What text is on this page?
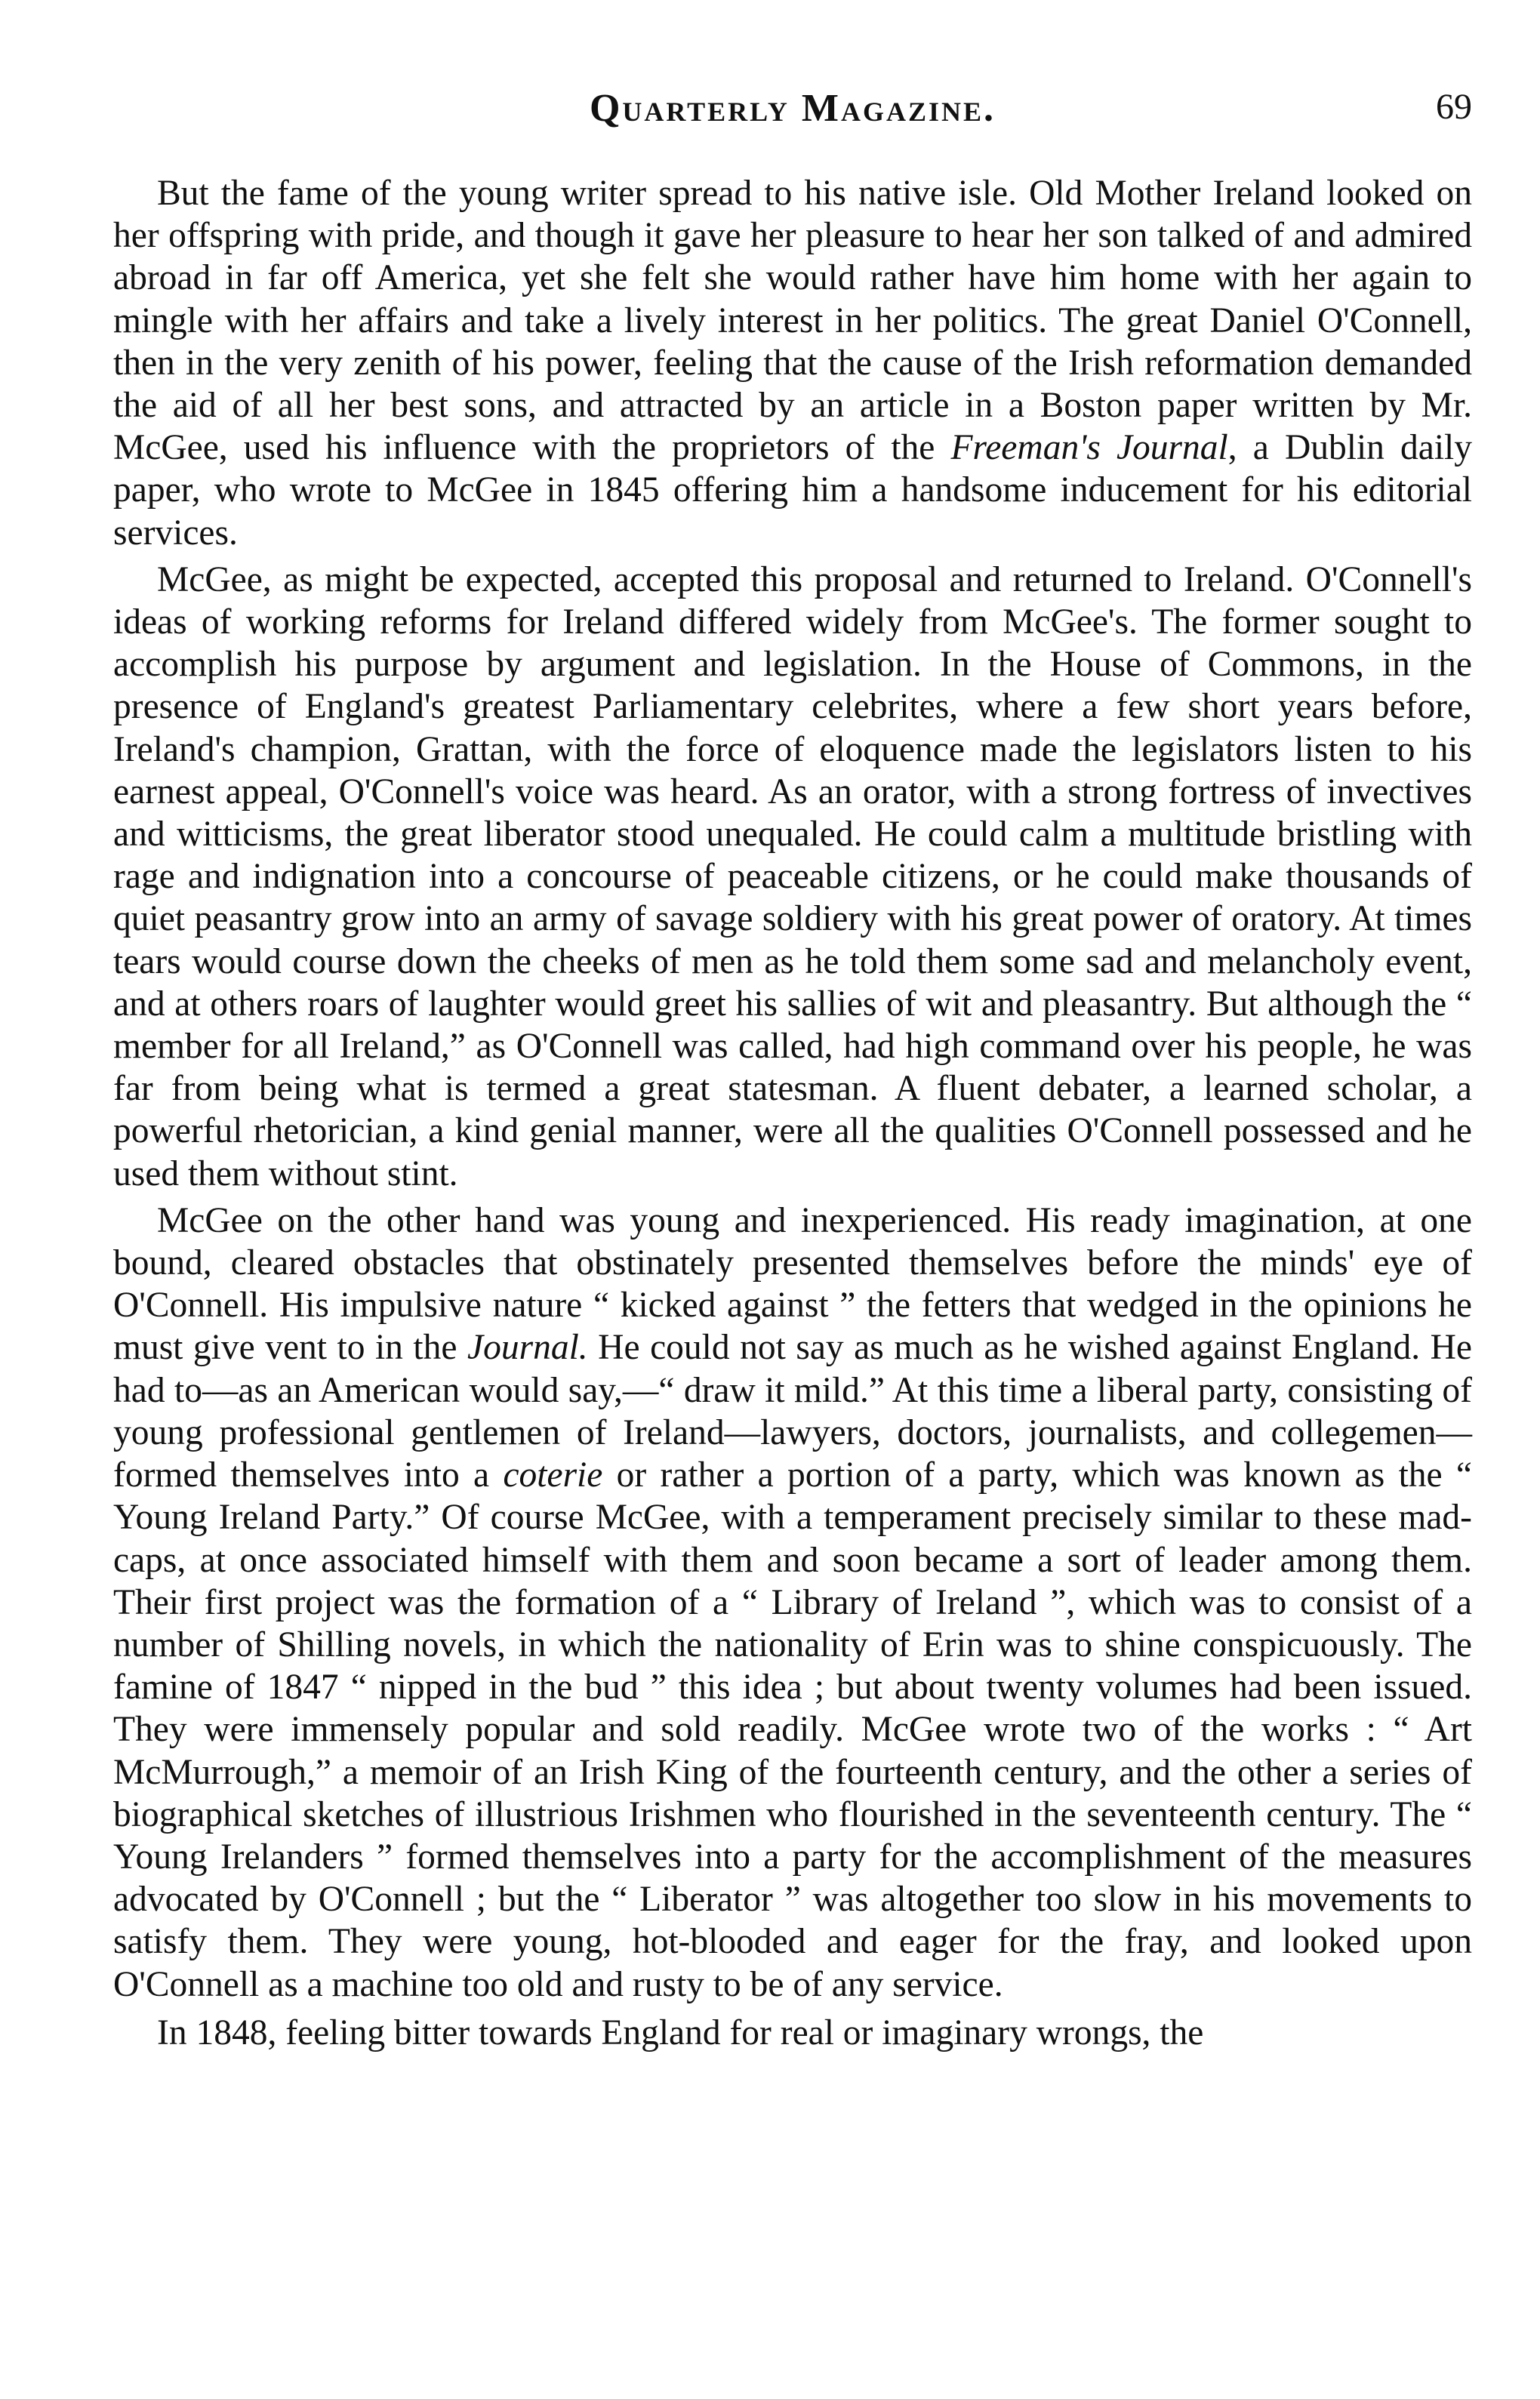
Quarterly Magazine.	69

But the fame of the young writer spread to his native isle. Old Mother Ireland looked on her offspring with pride, and though it gave her pleasure to hear her son talked of and admired abroad in far off America, yet she felt she would rather have him home with her again to mingle with her affairs and take a lively interest in her politics. The great Daniel O'Connell, then in the very zenith of his power, feeling that the cause of the Irish reformation demanded the aid of all her best sons, and attracted by an article in a Boston paper written by Mr. McGee, used his influence with the proprietors of the Freeman's Journal, a Dublin daily paper, who wrote to McGee in 1845 offering him a handsome inducement for his editorial services.

McGee, as might be expected, accepted this proposal and returned to Ireland. O'Connell's ideas of working reforms for Ireland differed widely from McGee's. The former sought to accomplish his purpose by argument and legislation. In the House of Commons, in the presence of England's greatest Parliamentary celebrites, where a few short years before, Ireland's champion, Grattan, with the force of eloquence made the legislators listen to his earnest appeal, O'Connell's voice was heard. As an orator, with a strong fortress of invectives and witticisms, the great liberator stood unequaled. He could calm a multitude bristling with rage and indignation into a concourse of peaceable citizens, or he could make thousands of quiet peasantry grow into an army of savage soldiery with his great power of oratory. At times tears would course down the cheeks of men as he told them some sad and melancholy event, and at others roars of laughter would greet his sallies of wit and pleasantry. But although the “ member for all Ireland,” as O'Connell was called, had high command over his people, he was far from being what is termed a great statesman. A fluent debater, a learned scholar, a powerful rhetorician, a kind genial manner, were all the qualities O'Connell possessed and he used them without stint.

McGee on the other hand was young and inexperienced. His ready imagination, at one bound, cleared obstacles that obstinately presented themselves before the minds' eye of O'Connell. His impulsive nature “ kicked against ” the fetters that wedged in the opinions he must give vent to in the Journal. He could not say as much as he wished against England. He had to—as an American would say,—“ draw it mild.” At this time a liberal party, consisting of young professional gentlemen of Ireland—lawyers, doctors, journalists, and collegemen—formed themselves into a coterie or rather a portion of a party, which was known as the “ Young Ireland Party.” Of course McGee, with a temperament precisely similar to these mad-caps, at once associated himself with them and soon became a sort of leader among them. Their first project was the formation of a “ Library of Ireland ”, which was to consist of a number of Shilling novels, in which the nationality of Erin was to shine conspicuously. The famine of 1847 “ nipped in the bud ” this idea ; but about twenty volumes had been issued. They were immensely popular and sold readily. McGee wrote two of the works : “ Art McMurrough,” a memoir of an Irish King of the fourteenth century, and the other a series of biographical sketches of illustrious Irishmen who flourished in the seventeenth century. The “ Young Irelanders ” formed themselves into a party for the accomplishment of the measures advocated by O'Connell ; but the “ Liberator ” was altogether too slow in his movements to satisfy them. They were young, hot-blooded and eager for the fray, and looked upon O'Connell as a machine too old and rusty to be of any service.

In 1848, feeling bitter towards England for real or imaginary wrongs, the
